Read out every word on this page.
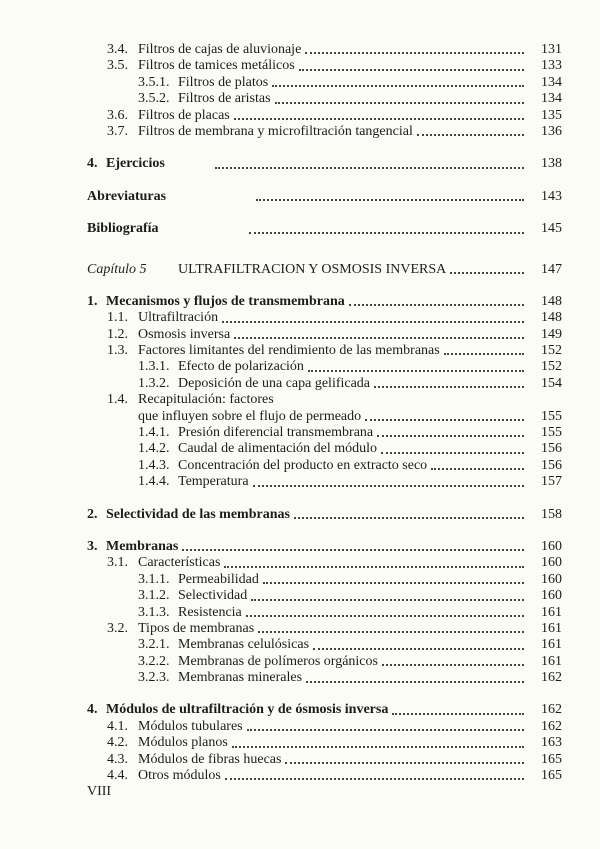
3.4. Filtros de cajas de aluvionaje	131
3.5. Filtros de tamices metálicos	133
3.5.1. Filtros de platos	134
3.5.2. Filtros de aristas	134
3.6. Filtros de placas	135
3.7. Filtros de membrana y microfiltración tangencial	136
4. Ejercicios	138
Abreviaturas	143
Bibliografía	145
Capítulo 5	ULTRAFILTRACION Y OSMOSIS INVERSA	147
1. Mecanismos y flujos de transmembrana	148
1.1. Ultrafiltración	148
1.2. Osmosis inversa	149
1.3. Factores limitantes del rendimiento de las membranas	152
1.3.1. Efecto de polarización	152
1.3.2. Deposición de una capa gelificada	154
1.4. Recapitulación: factores
que influyen sobre el flujo de permeado	155
1.4.1. Presión diferencial transmembrana	155
1.4.2. Caudal de alimentación del módulo	156
1.4.3. Concentración del producto en extracto seco	156
1.4.4. Temperatura	157
2. Selectividad de las membranas	158
3. Membranas	160
3.1. Características	160
3.1.1. Permeabilidad	160
3.1.2. Selectividad	160
3.1.3. Resistencia	161
3.2. Tipos de membranas	161
3.2.1. Membranas celulósicas	161
3.2.2. Membranas de polímeros orgánicos	161
3.2.3. Membranas minerales	162
4. Módulos de ultrafiltración y de ósmosis inversa	162
4.1. Módulos tubulares	162
4.2. Módulos planos	163
4.3. Módulos de fibras huecas	165
4.4. Otros módulos	165
VIII
